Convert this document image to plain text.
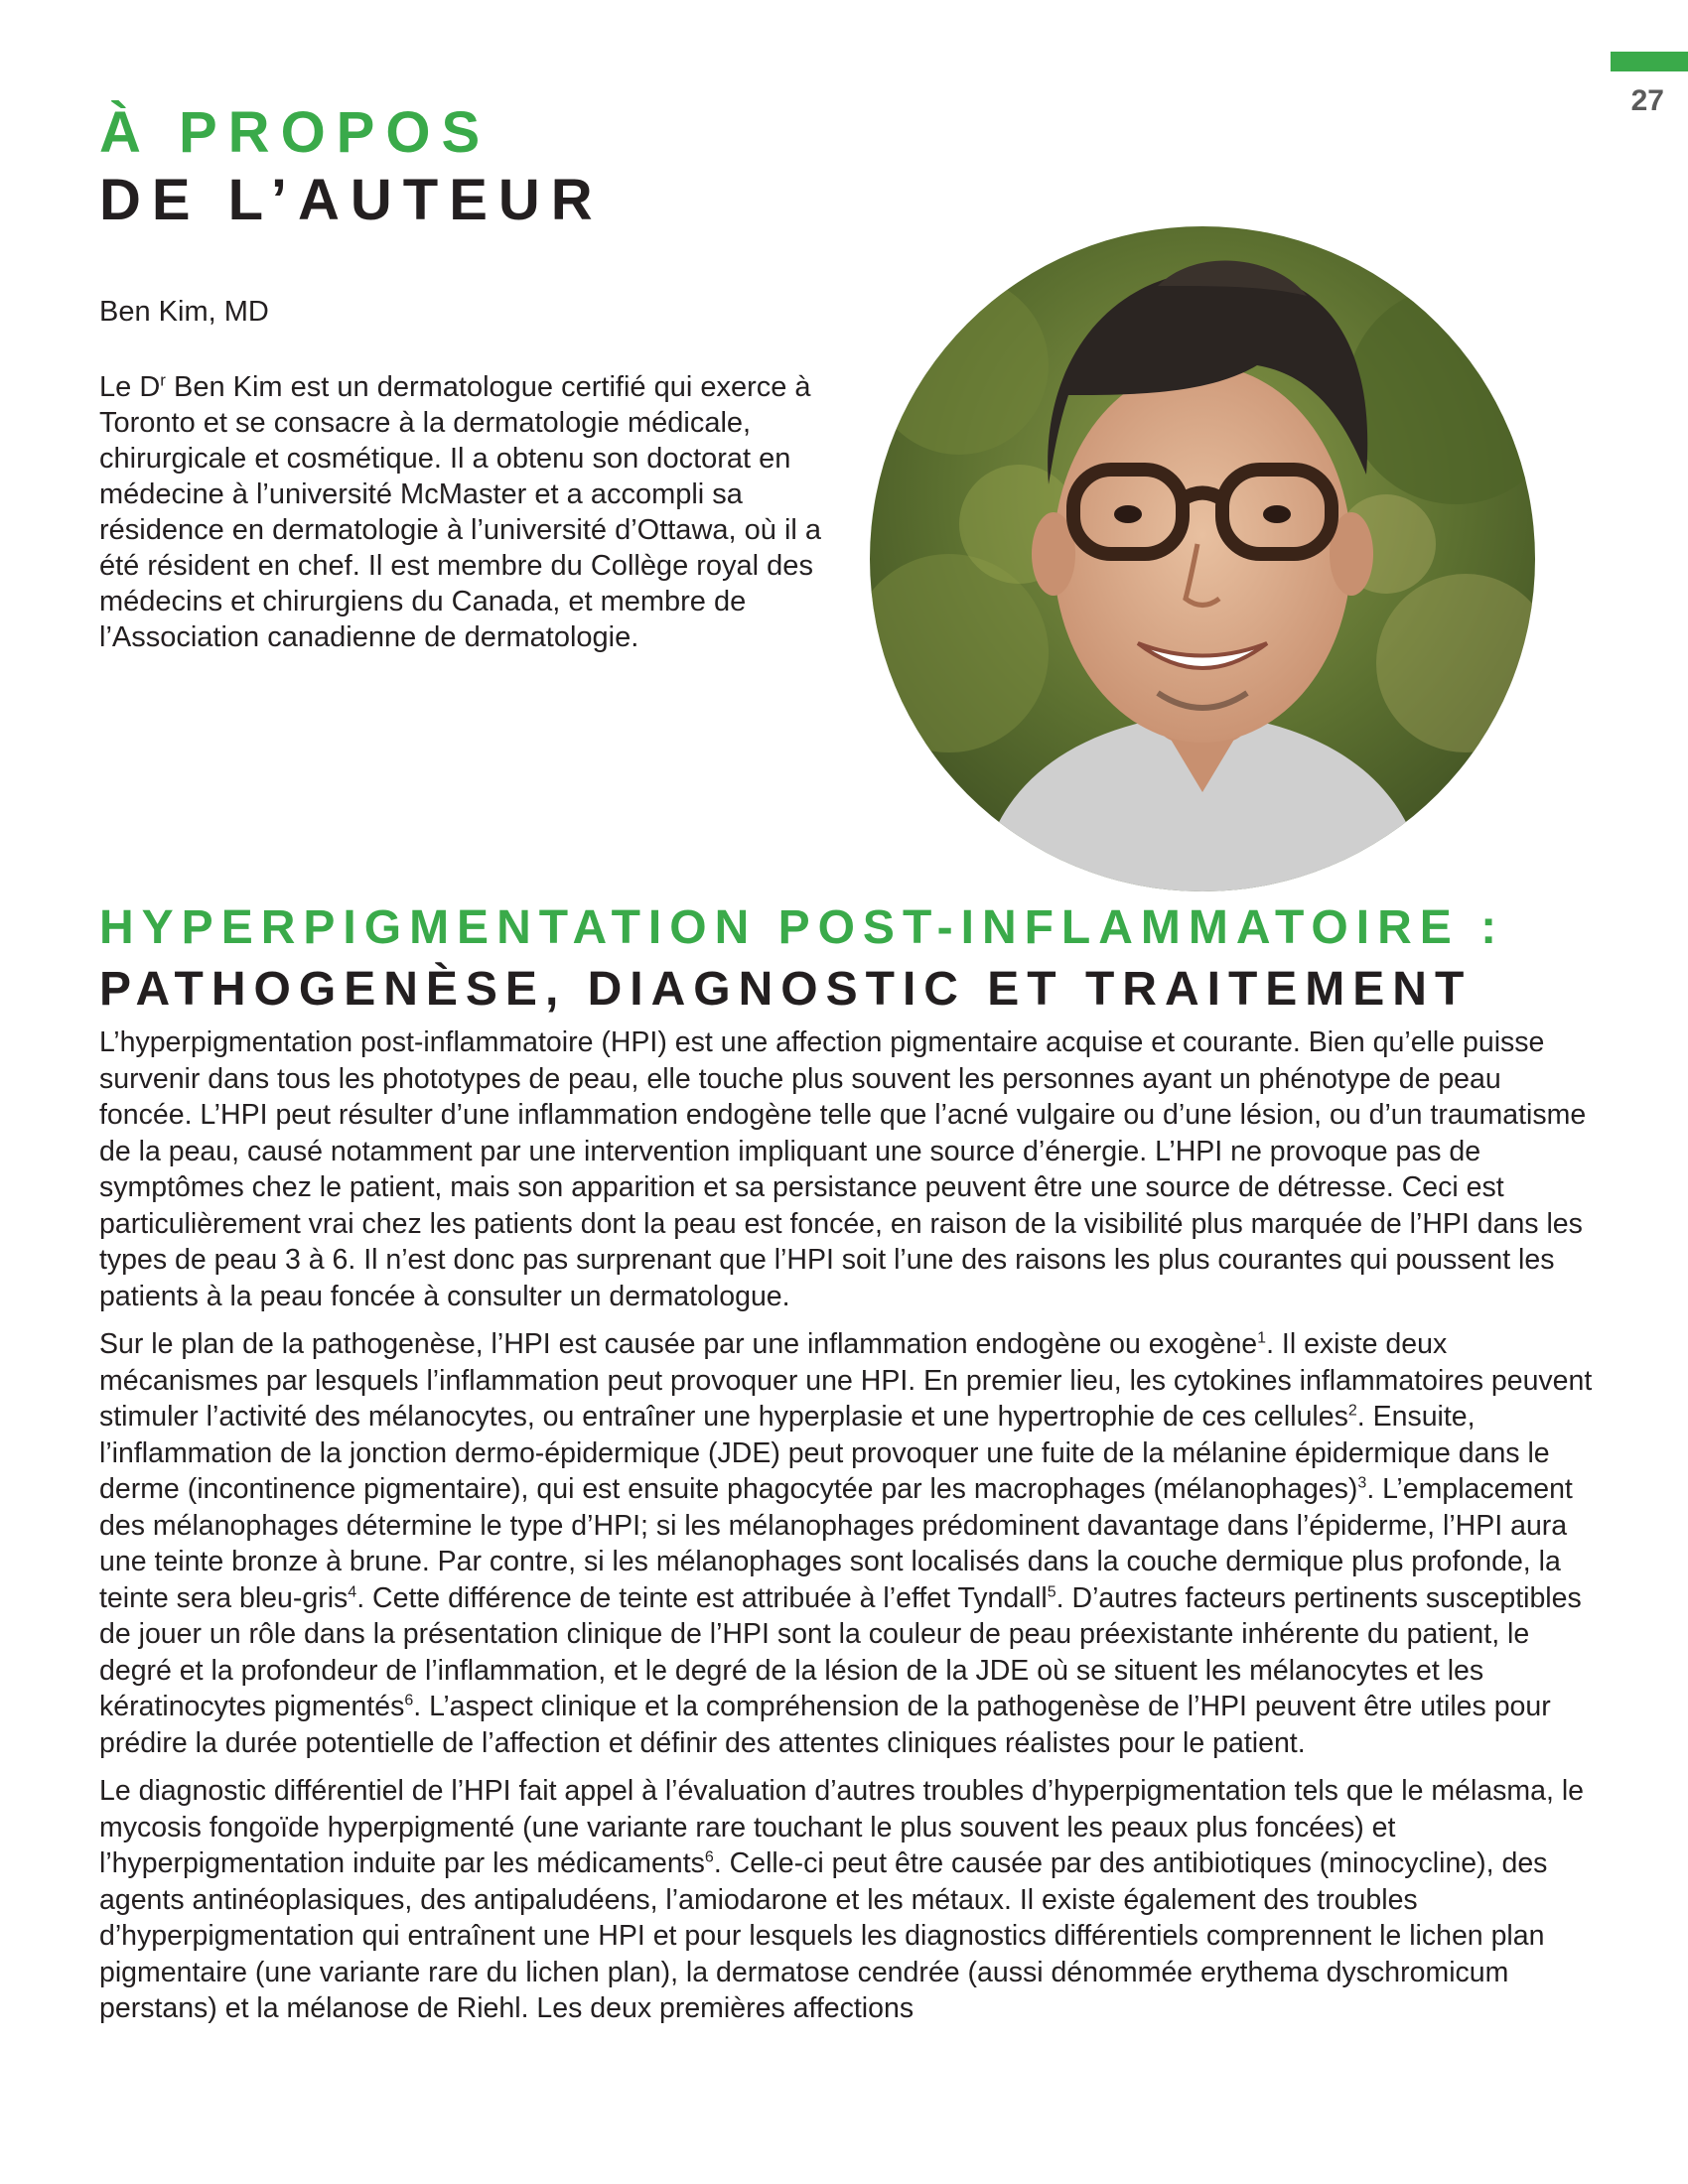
27
À PROPOS
DE L’AUTEUR

Ben Kim, MD

Le $D^r$ Ben Kim est un dermatologue certifié qui exerce à Toronto et se consacre à la dermatologie médicale, chirurgicale et cosmétique. Il a obtenu son doctorat en médecine à l’université McMaster et a accompli sa résidence en dermatologie à l’université d’Ottawa, où il a été résident en chef. Il est membre du Collège royal des médecins et chirurgiens du Canada, et membre de l’Association canadienne de dermatologie.

HYPERPIGMENTATION POST-INFLAMMATOIRE :
PATHOGENÈSE, DIAGNOSTIC ET TRAITEMENT

L’hyperpigmentation post-inflammatoire (HPI) est une affection pigmentaire acquise et courante. Bien qu’elle puisse survenir dans tous les phototypes de peau, elle touche plus souvent les personnes ayant un phénotype de peau foncée. L’HPI peut résulter d’une inflammation endogène telle que l’acné vulgaire ou d’une lésion, ou d’un traumatisme de la peau, causé notamment par une intervention impliquant une source d’énergie. L’HPI ne provoque pas de symptômes chez le patient, mais son apparition et sa persistance peuvent être une source de détresse. Ceci est particulièrement vrai chez les patients dont la peau est foncée, en raison de la visibilité plus marquée de l’HPI dans les types de peau 3 à 6. Il n’est donc pas surprenant que l’HPI soit l’une des raisons les plus courantes qui poussent les patients à la peau foncée à consulter un dermatologue.

Sur le plan de la pathogenèse, l’HPI est causée par une inflammation endogène ou exogène$^1$. Il existe deux mécanismes par lesquels l’inflammation peut provoquer une HPI. En premier lieu, les cytokines inflammatoires peuvent stimuler l’activité des mélanocytes, ou entraîner une hyperplasie et une hypertrophie de ces cellules$^2$. Ensuite, l’inflammation de la jonction dermo-épidermique (JDE) peut provoquer une fuite de la mélanine épidermique dans le derme (incontinence pigmentaire), qui est ensuite phagocytée par les macrophages (mélanophages)$^3$. L’emplacement des mélanophages détermine le type d’HPI; si les mélanophages prédominent davantage dans l’épiderme, l’HPI aura une teinte bronze à brune. Par contre, si les mélanophages sont localisés dans la couche dermique plus profonde, la teinte sera bleu-gris$^4$. Cette différence de teinte est attribuée à l’effet Tyndall$^5$. D’autres facteurs pertinents susceptibles de jouer un rôle dans la présentation clinique de l’HPI sont la couleur de peau préexistante inhérente du patient, le degré et la profondeur de l’inflammation, et le degré de la lésion de la JDE où se situent les mélanocytes et les kératinocytes pigmentés$^6$. L’aspect clinique et la compréhension de la pathogenèse de l’HPI peuvent être utiles pour prédire la durée potentielle de l’affection et définir des attentes cliniques réalistes pour le patient.

Le diagnostic différentiel de l’HPI fait appel à l’évaluation d’autres troubles d’hyperpigmentation tels que le mélasma, le mycosis fongoïde hyperpigmenté (une variante rare touchant le plus souvent les peaux plus foncées) et l’hyperpigmentation induite par les médicaments$^6$. Celle-ci peut être causée par des antibiotiques (minocycline), des agents antinéoplasiques, des antipaludéens, l’amiodarone et les métaux. Il existe également des troubles d’hyperpigmentation qui entraînent une HPI et pour lesquels les diagnostics différentiels comprennent le lichen plan pigmentaire (une variante rare du lichen plan), la dermatose cendrée (aussi dénommée erythema dyschromicum perstans) et la mélanose de Riehl. Les deux premières affections
